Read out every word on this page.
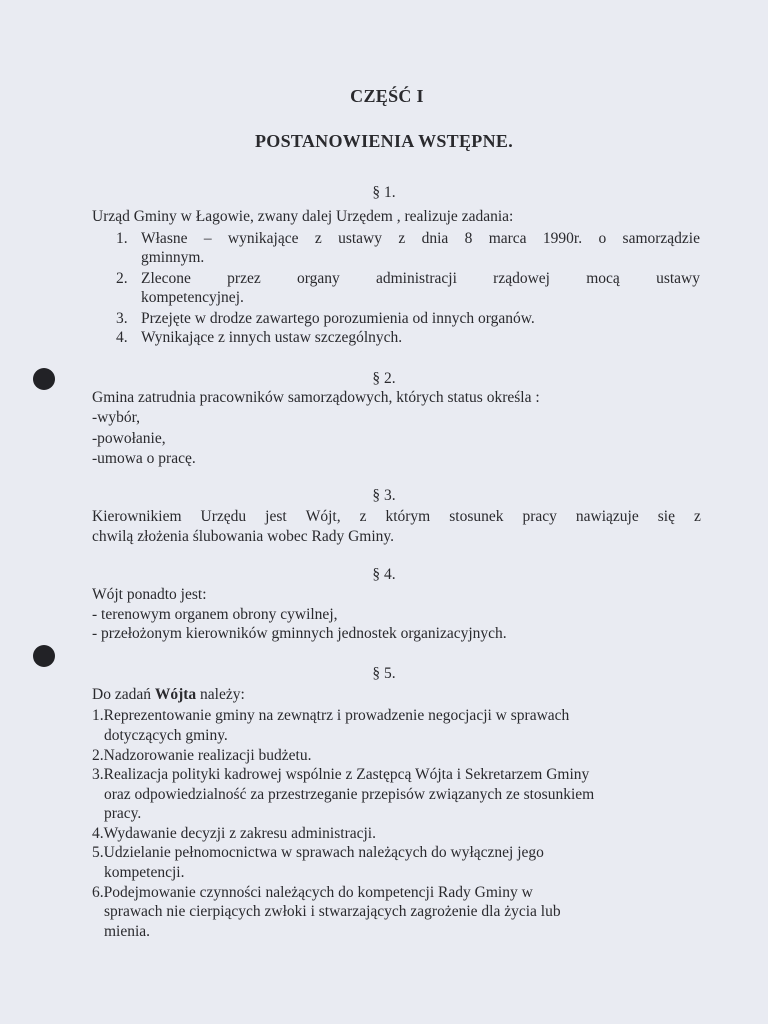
CZĘŚĆ I
POSTANOWIENIA WSTĘPNE.
§ 1.
Urząd Gminy w Łagowie, zwany dalej Urzędem , realizuje zadania:
1. Własne – wynikające z ustawy z dnia 8 marca 1990r. o samorządzie
gminnym.
2. Zlecone przez organy administracji rządowej mocą ustawy
kompetencyjnej.
3. Przejęte w drodze zawartego porozumienia od innych organów.
4. Wynikające z innych ustaw szczególnych.
§ 2.
Gmina zatrudnia pracowników samorządowych, których status określa :
-wybór,
-powołanie,
-umowa o pracę.
§ 3.
Kierownikiem Urzędu jest Wójt, z którym stosunek pracy nawiązuje się z
chwilą złożenia ślubowania wobec Rady Gminy.
§ 4.
Wójt ponadto jest:
- terenowym organem obrony cywilnej,
- przełożonym kierowników gminnych jednostek organizacyjnych.
§ 5.
Do zadań Wójta należy:
1.Reprezentowanie gminy na zewnątrz i prowadzenie negocjacji w sprawach
dotyczących gminy.
2.Nadzorowanie realizacji budżetu.
3.Realizacja polityki kadrowej wspólnie z Zastępcą Wójta i Sekretarzem Gminy
oraz odpowiedzialność za przestrzeganie przepisów związanych ze stosunkiem
pracy.
4.Wydawanie decyzji z zakresu administracji.
5.Udzielanie pełnomocnictwa w sprawach należących do wyłącznej jego
kompetencji.
6.Podejmowanie czynności należących do kompetencji Rady Gminy w
sprawach nie cierpiących zwłoki i stwarzających zagrożenie dla życia lub
mienia.
